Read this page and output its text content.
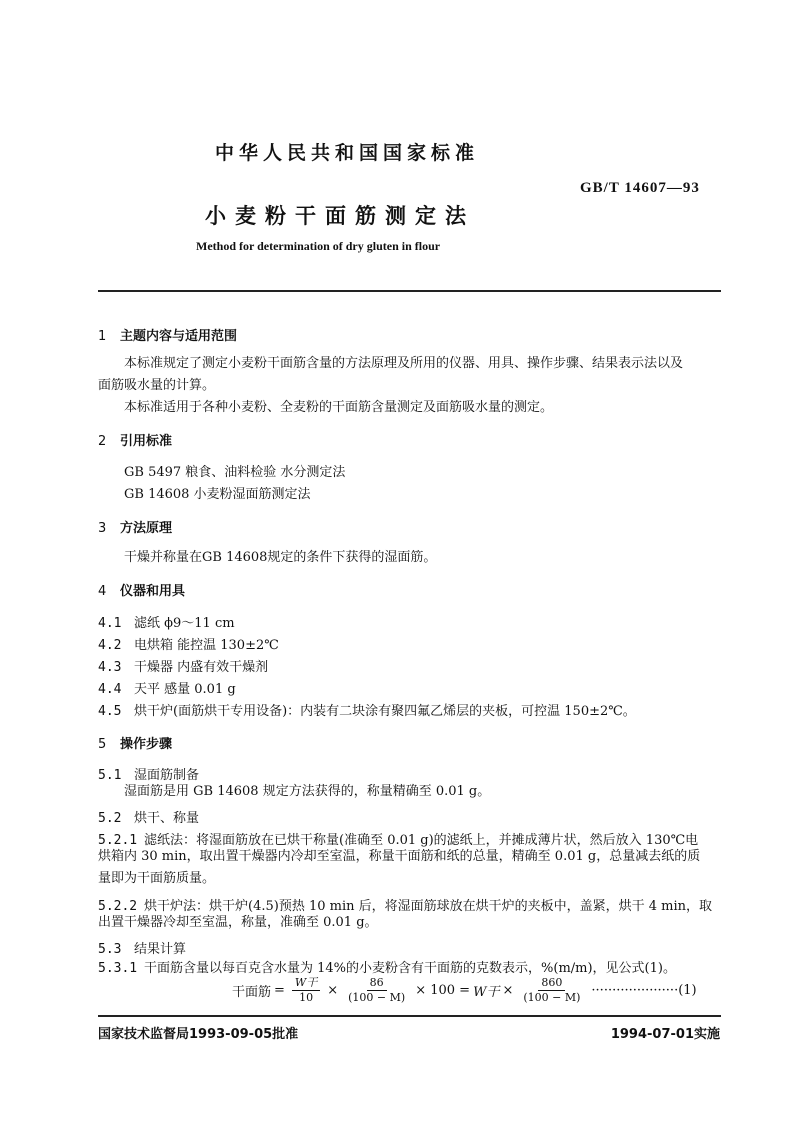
中华人民共和国国家标准
GB/T 14607—93
小麦粉干面筋测定法
Method for determination of dry gluten in flour
1 主题内容与适用范围
本标准规定了测定小麦粉干面筋含量的方法原理及所用的仪器、用具、操作步骤、结果表示法以及
面筋吸水量的计算。
本标准适用于各种小麦粉、全麦粉的干面筋含量测定及面筋吸水量的测定。
2 引用标准
GB 5497 粮食、油料检验 水分测定法
GB 14608 小麦粉湿面筋测定法
3 方法原理
干燥并称量在GB 14608规定的条件下获得的湿面筋。
4 仪器和用具
4.1 滤纸 ϕ9～11 cm
4.2 电烘箱 能控温 130±2℃
4.3 干燥器 内盛有效干燥剂
4.4 天平 感量 0.01 g
4.5 烘干炉(面筋烘干专用设备)：内装有二块涂有聚四氟乙烯层的夹板，可控温 150±2℃。
5 操作步骤
5.1 湿面筋制备
湿面筋是用 GB 14608 规定方法获得的，称量精确至 0.01 g。
5.2 烘干、称量
5.2.1 滤纸法：将湿面筋放在已烘干称量(准确至 0.01 g)的滤纸上，并摊成薄片状，然后放入 130℃电
烘箱内 30 min，取出置干燥器内冷却至室温，称量干面筋和纸的总量，精确至 0.01 g，总量减去纸的质
量即为干面筋质量。
5.2.2 烘干炉法：烘干炉(4.5)预热 10 min 后，将湿面筋球放在烘干炉的夹板中，盖紧，烘干 4 min，取
出置干燥器冷却至室温，称量，准确至 0.01 g。
5.3 结果计算
5.3.1 干面筋含量以每百克含水量为 14%的小麦粉含有干面筋的克数表示，%(m/m)，见公式(1)。
干面筋 = $\frac{\text{W干}}{10} \times \frac{86}{(100 - M)} \times 100 = W$干 × $\frac{860}{(100 - M)} \cdot\cdot\cdot\cdot\cdot\cdot\cdot\cdot\cdot\cdot\cdot\cdot\cdot\cdot\cdot\cdot\cdot\cdot\cdot\cdot\cdot(1)$
国家技术监督局1993-09-05批准	1994-07-01实施
